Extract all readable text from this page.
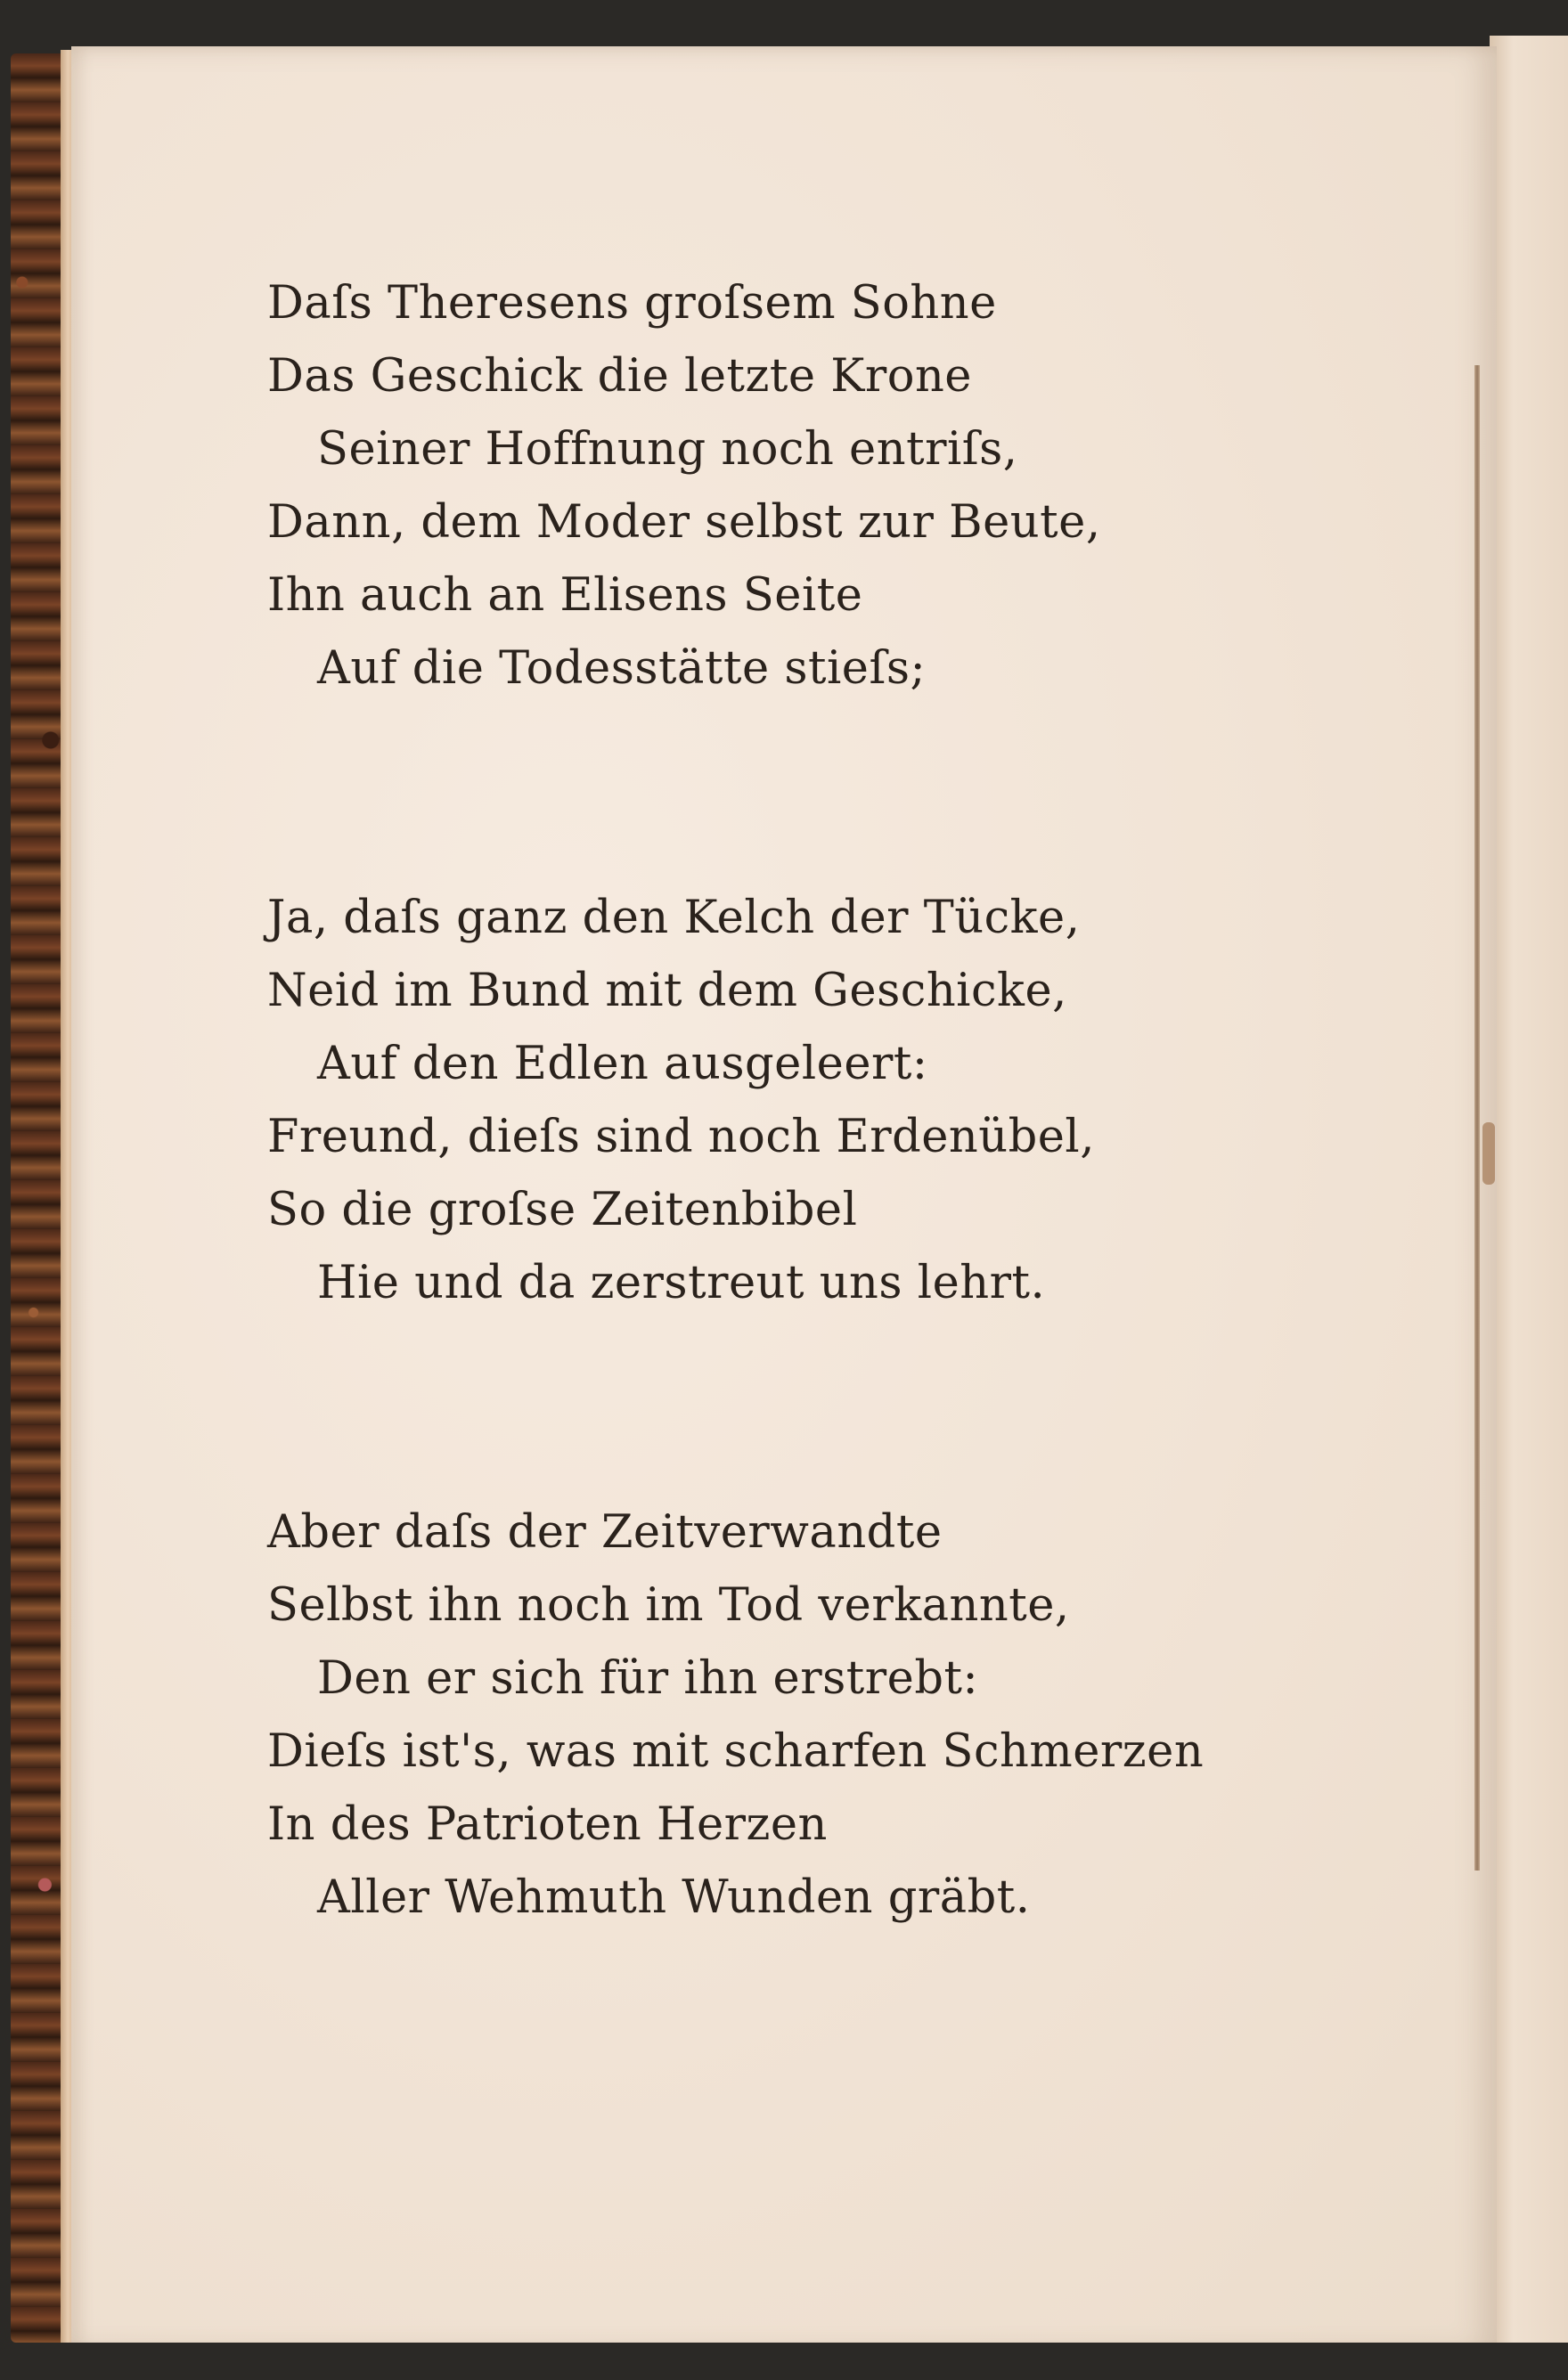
Daſs Theresens groſsem Sohne
Das Geschick die letzte Krone
Seiner Hoffnung noch entriſs,
Dann, dem Moder selbst zur Beute,
Ihn auch an Elisens Seite
Auf die Todesstätte stieſs;
Ja, daſs ganz den Kelch der Tücke,
Neid im Bund mit dem Geschicke,
Auf den Edlen ausgeleert:
Freund, dieſs sind noch Erdenübel,
So die groſse Zeitenbibel
Hie und da zerstreut uns lehrt.
Aber daſs der Zeitverwandte
Selbst ihn noch im Tod verkannte,
Den er sich für ihn erstrebt:
Dieſs ist's, was mit scharfen Schmerzen
In des Patrioten Herzen
Aller Wehmuth Wunden gräbt.
